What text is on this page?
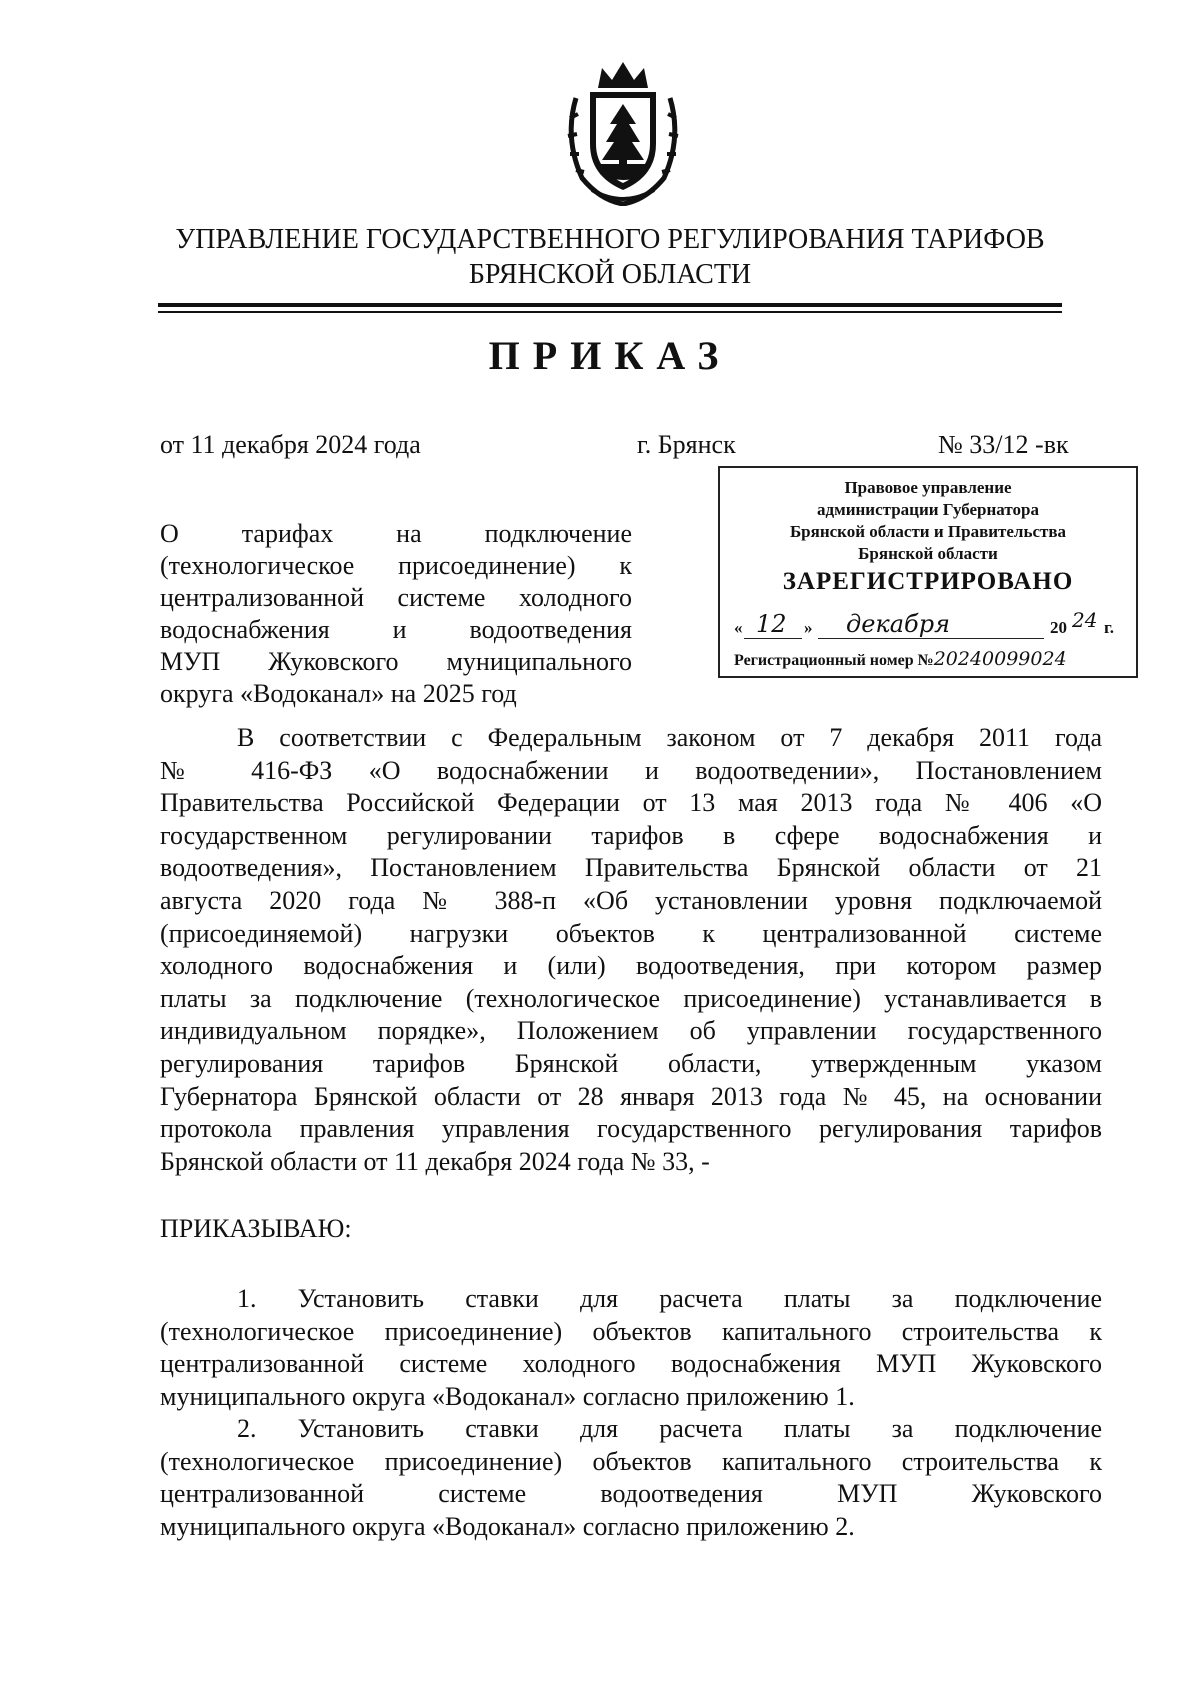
УПРАВЛЕНИЕ ГОСУДАРСТВЕННОГО РЕГУЛИРОВАНИЯ ТАРИФОВ
БРЯНСКОЙ ОБЛАСТИ
ПРИКАЗ
от 11 декабря 2024 года	г. Брянск	№ 33/12 -вк
Правовое управление
администрации Губернатора
Брянской области и Правительства
Брянской области
ЗАРЕГИСТРИРОВАНО
« 12 » декабря	20 24 г.
Регистрационный номер №20240099024
О тарифах на подключение
(технологическое присоединение) к
централизованной системе холодного
водоснабжения и водоотведения
МУП Жуковского муниципального
округа «Водоканал» на 2025 год
В соответствии с Федеральным законом от 7 декабря 2011 года
№ 416-ФЗ «О водоснабжении и водоотведении», Постановлением
Правительства Российской Федерации от 13 мая 2013 года № 406 «О
государственном регулировании тарифов в сфере водоснабжения и
водоотведения», Постановлением Правительства Брянской области от 21
августа 2020 года № 388-п «Об установлении уровня подключаемой
(присоединяемой) нагрузки объектов к централизованной системе
холодного водоснабжения и (или) водоотведения, при котором размер
платы за подключение (технологическое присоединение) устанавливается в
индивидуальном порядке», Положением об управлении государственного
регулирования тарифов Брянской области, утвержденным указом
Губернатора Брянской области от 28 января 2013 года № 45, на основании
протокола правления управления государственного регулирования тарифов
Брянской области от 11 декабря 2024 года № 33, -
ПРИКАЗЫВАЮ:
1. Установить ставки для расчета платы за подключение
(технологическое присоединение) объектов капитального строительства к
централизованной системе холодного водоснабжения МУП Жуковского
муниципального округа «Водоканал» согласно приложению 1.
2. Установить ставки для расчета платы за подключение
(технологическое присоединение) объектов капитального строительства к
централизованной системе водоотведения МУП Жуковского
муниципального округа «Водоканал» согласно приложению 2.
